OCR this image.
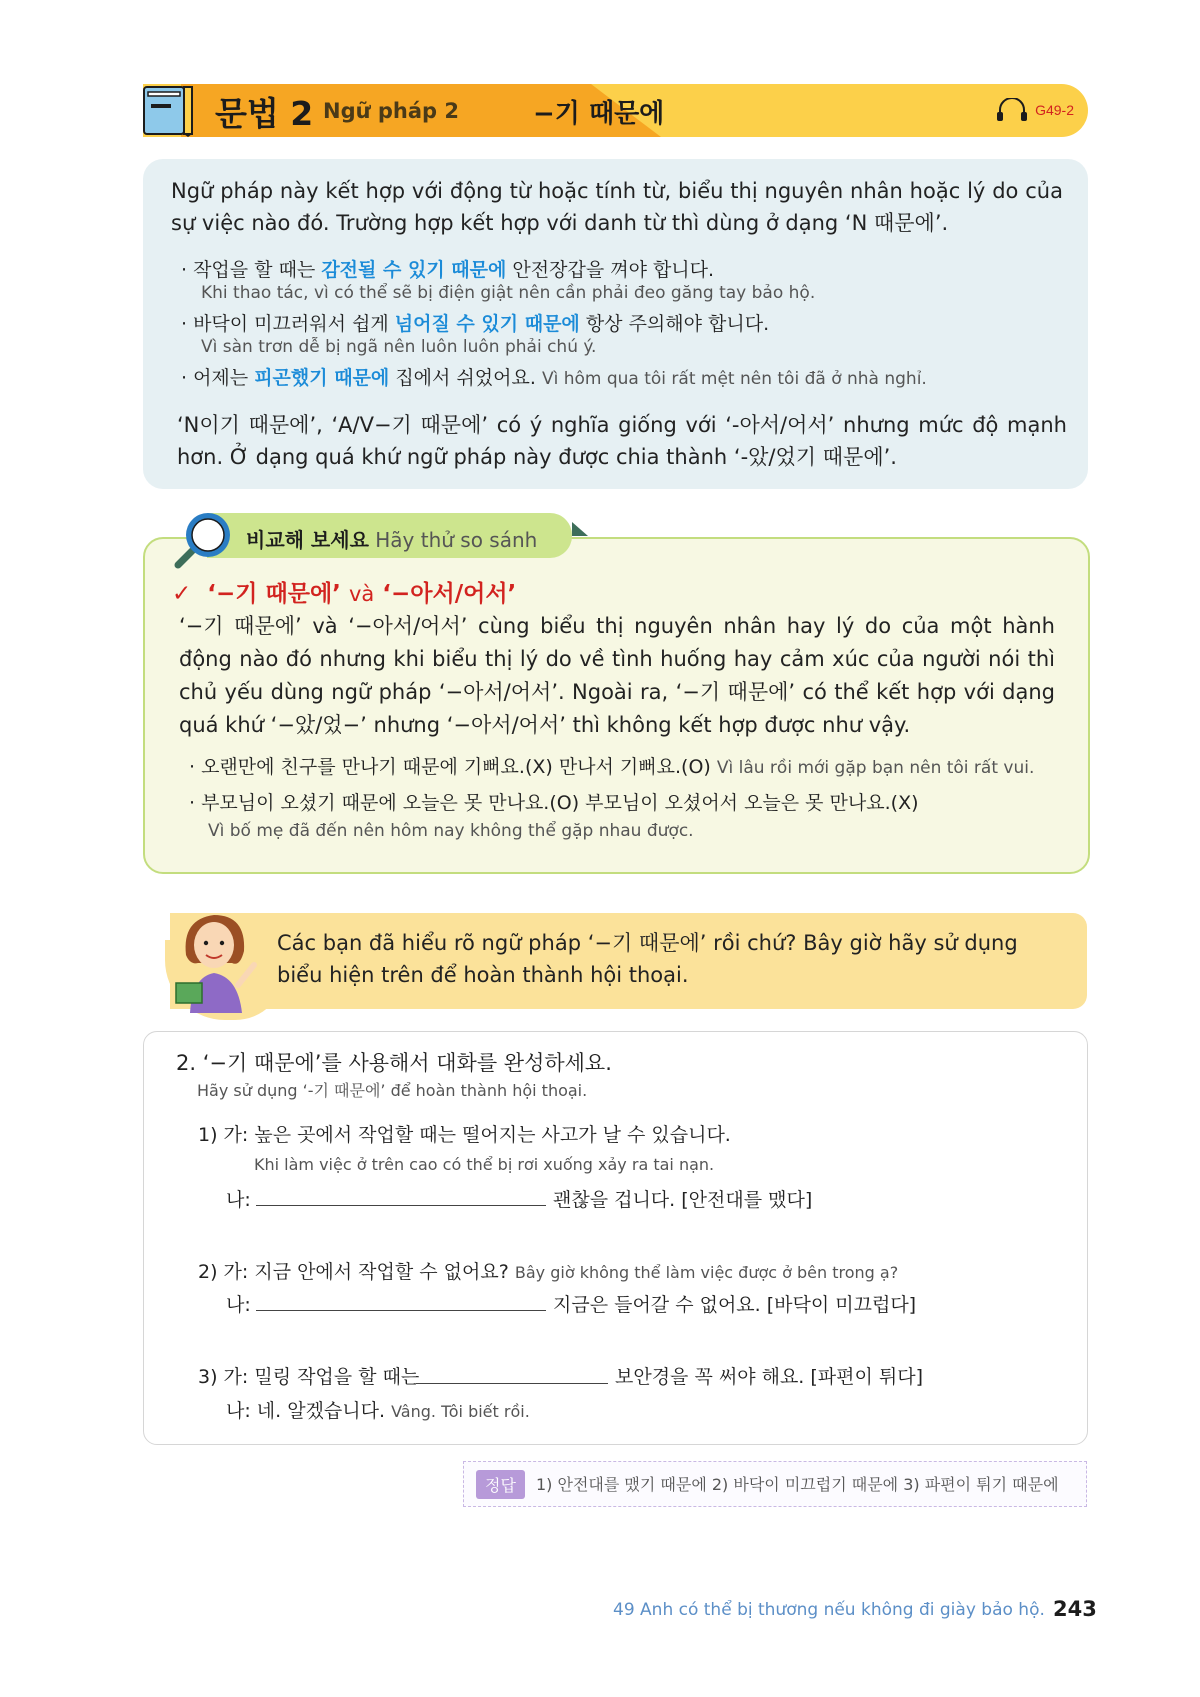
문법 2 Ngữ pháp 2	−기 때문에	G49-2
Ngữ pháp này kết hợp với động từ hoặc tính từ, biểu thị nguyên nhân hoặc lý do của sự việc nào đó. Trường hợp kết hợp với danh từ thì dùng ở dạng ‘N 때문에’.
· 작업을 할 때는 감전될 수 있기 때문에 안전장갑을 껴야 합니다.
Khi thao tác, vì có thể sẽ bị điện giật nên cần phải đeo găng tay bảo hộ.
· 바닥이 미끄러워서 쉽게 넘어질 수 있기 때문에 항상 주의해야 합니다.
Vì sàn trơn dễ bị ngã nên luôn luôn phải chú ý.
· 어제는 피곤했기 때문에 집에서 쉬었어요. Vì hôm qua tôi rất mệt nên tôi đã ở nhà nghỉ.
‘N이기 때문에’, ‘A/V−기 때문에’ có ý nghĩa giống với ‘-아서/어서’ nhưng mức độ mạnh hơn. Ở dạng quá khứ ngữ pháp này được chia thành ‘-았/었기 때문에’.
비교해 보세요 Hãy thử so sánh
✓ ‘−기 때문에’ và ‘−아서/어서’
‘−기 때문에’ và ‘−아서/어서’ cùng biểu thị nguyên nhân hay lý do của một hành động nào đó nhưng khi biểu thị lý do về tình huống hay cảm xúc của người nói thì chủ yếu dùng ngữ pháp ‘−아서/어서’. Ngoài ra, ‘−기 때문에’ có thể kết hợp với dạng quá khứ ‘−았/었−’ nhưng ‘−아서/어서’ thì không kết hợp được như vậy.
· 오랜만에 친구를 만나기 때문에 기뻐요.(X) 만나서 기뻐요.(O) Vì lâu rồi mới gặp bạn nên tôi rất vui.
· 부모님이 오셨기 때문에 오늘은 못 만나요.(O) 부모님이 오셨어서 오늘은 못 만나요.(X)
Vì bố mẹ đã đến nên hôm nay không thể gặp nhau được.
Các bạn đã hiểu rõ ngữ pháp ‘−기 때문에’ rồi chứ? Bây giờ hãy sử dụng biểu hiện trên để hoàn thành hội thoại.
2. ‘−기 때문에’를 사용해서 대화를 완성하세요.
Hãy sử dụng ‘-기 때문에’ để hoàn thành hội thoại.
1) 가: 높은 곳에서 작업할 때는 떨어지는 사고가 날 수 있습니다.
Khi làm việc ở trên cao có thể bị rơi xuống xảy ra tai nạn.
나:	괜찮을 겁니다. [안전대를 맸다]
2) 가: 지금 안에서 작업할 수 없어요? Bây giờ không thể làm việc được ở bên trong ạ?
나:	지금은 들어갈 수 없어요. [바닥이 미끄럽다]
3) 가: 밀링 작업을 할 때는	보안경을 꼭 써야 해요. [파편이 튀다]
나: 네. 알겠습니다. Vâng. Tôi biết rồi.
정답	1) 안전대를 맸기 때문에 2) 바닥이 미끄럽기 때문에 3) 파편이 튀기 때문에
49 Anh có thể bị thương nếu không đi giày bảo hộ. 243
